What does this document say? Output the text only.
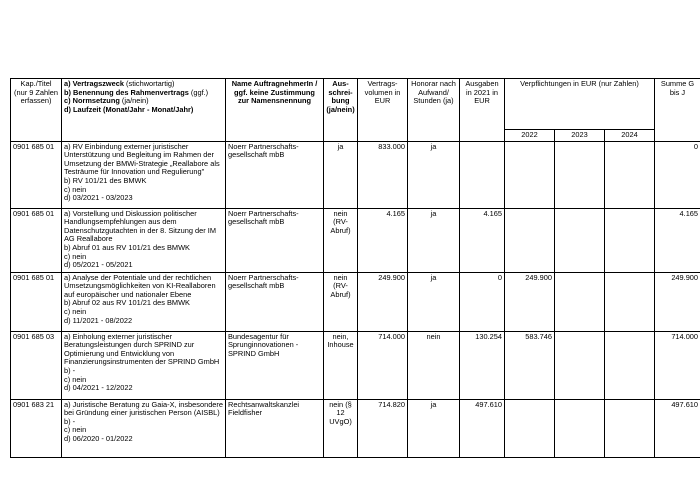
Kap./Titel (nur 9 Zahlen erfassen)	a) Vertragszweck (stichwortartig)
b) Benennung des Rahmenvertrags (ggf.)
c) Normsetzung (ja/nein)
d) Laufzeit (Monat/Jahr - Monat/Jahr)	Name AuftragnehmerIn / ggf. keine Zustimmung zur Namensnennung	Aus-schrei-bung (ja/nein)	Vertrags-volumen in EUR	Honorar nach Aufwand/ Stunden (ja)	Ausgaben in 2021 in EUR	Verpflichtungen in EUR (nur Zahlen)			Summe G bis J
							2022	2023	2024	
0901 685 01	a) RV Einbindung externer juristischer Unterstützung und Begleitung im Rahmen der Umsetzung der BMWi-Strategie „Reallabore als Testräume für Innovation und Regulierung"
b) RV 101/21 des BMWK
c) nein
d) 03/2021 - 03/2023	Noerr Partnerschafts-gesellschaft mbB	ja	833.000	ja					0
0901 685 01	a) Vorstellung und Diskussion politischer Handlungsempfehlungen aus dem Datenschutzgutachten in der 8. Sitzung der IM AG Reallabore
b) Abruf 01 aus RV 101/21 des BMWK
c) nein
d) 05/2021 - 05/2021	Noerr Partnerschafts-gesellschaft mbB	nein (RV-Abruf)	4.165	ja	4.165				4.165
0901 685 01	a) Analyse der Potentiale und der rechtlichen Umsetzungsmöglichkeiten von KI-Reallaboren auf europäischer und nationaler Ebene
b) Abruf 02 aus RV 101/21 des BMWK
c) nein
d) 11/2021 - 08/2022	Noerr Partnerschafts-gesellschaft mbB	nein (RV-Abruf)	249.900	ja	0	249.900			249.900
0901 685 03	a) Einholung externer juristischer Beratungsleistungen durch SPRIND zur Optimierung und Entwicklung von Finanzierungsinstrumenten der SPRIND GmbH
b) -
c) nein
d) 04/2021 - 12/2022	Bundesagentur für Sprunginnovationen - SPRIND GmbH	nein, Inhouse	714.000	nein	130.254	583.746			714.000
0901 683 21	a) Juristische Beratung zu Gaia-X, insbesondere bei Gründung einer juristischen Person (AISBL)
b) -
c) nein
d) 06/2020 - 01/2022	Rechtsanwaltskanzlei Fieldfisher	nein (§ 12 UVgO)	714.820	ja	497.610				497.610
